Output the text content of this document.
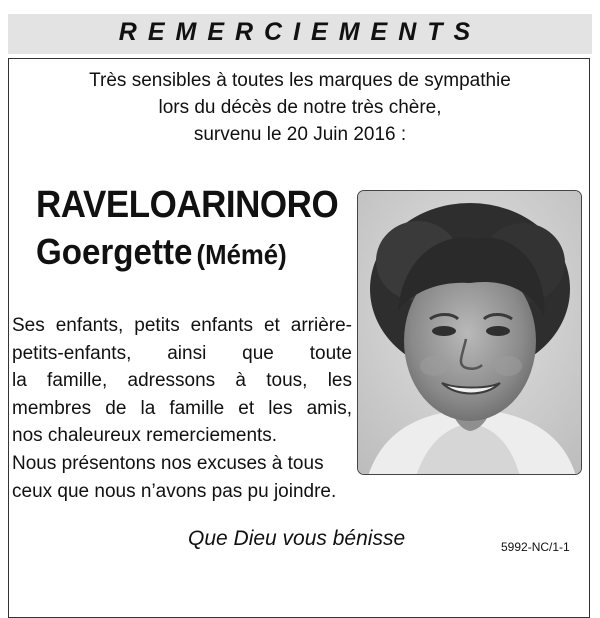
REMERCIEMENTS
Très sensibles à toutes les marques de sympathie
lors du décès de notre très chère,
survenu le 20 Juin 2016 :
RAVELOARINORO
Goergette (Mémé)
Ses enfants, petits enfants et arrière-
petits-enfants, ainsi que toute
la famille, adressons à tous, les
membres de la famille et les amis,
nos chaleureux remerciements.
Nous présentons nos excuses à tous
ceux que nous n’avons pas pu joindre.
Que Dieu vous bénisse	5992-NC/1-1
